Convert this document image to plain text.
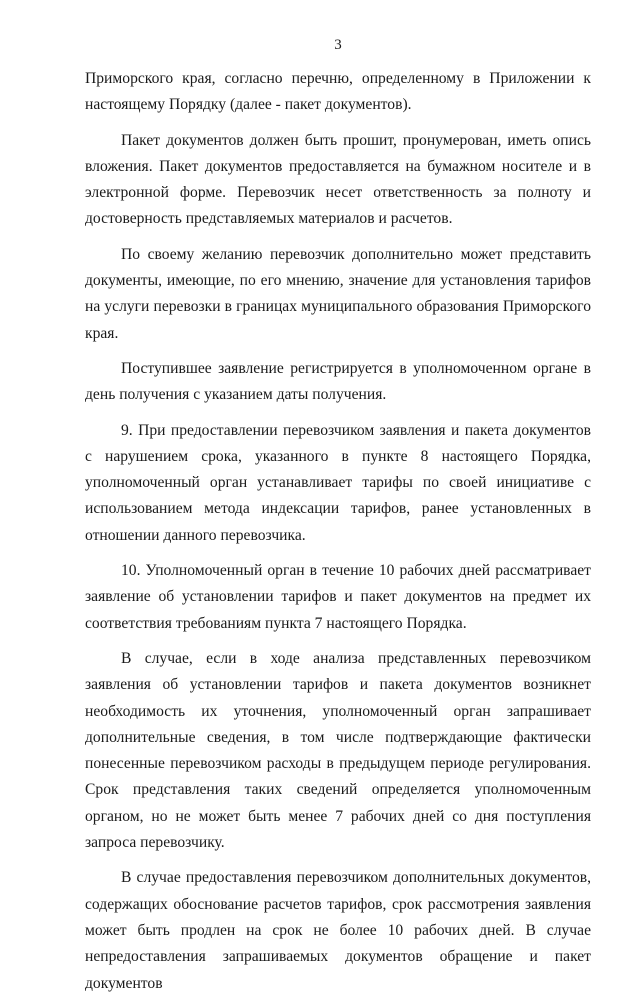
3

Приморского края, согласно перечню, определенному в Приложении к настоящему Порядку (далее - пакет документов).

Пакет документов должен быть прошит, пронумерован, иметь опись вложения. Пакет документов предоставляется на бумажном носителе и в электронной форме. Перевозчик несет ответственность за полноту и достоверность представляемых материалов и расчетов.

По своему желанию перевозчик дополнительно может представить документы, имеющие, по его мнению, значение для установления тарифов на услуги перевозки в границах муниципального образования Приморского края.

Поступившее заявление регистрируется в уполномоченном органе в день получения с указанием даты получения.

9. При предоставлении перевозчиком заявления и пакета документов с нарушением срока, указанного в пункте 8 настоящего Порядка, уполномоченный орган устанавливает тарифы по своей инициативе с использованием метода индексации тарифов, ранее установленных в отношении данного перевозчика.

10. Уполномоченный орган в течение 10 рабочих дней рассматривает заявление об установлении тарифов и пакет документов на предмет их соответствия требованиям пункта 7 настоящего Порядка.

В случае, если в ходе анализа представленных перевозчиком заявления об установлении тарифов и пакета документов возникнет необходимость их уточнения, уполномоченный орган запрашивает дополнительные сведения, в том числе подтверждающие фактически понесенные перевозчиком расходы в предыдущем периоде регулирования. Срок представления таких сведений определяется уполномоченным органом, но не может быть менее 7 рабочих дней со дня поступления запроса перевозчику.

В случае предоставления перевозчиком дополнительных документов, содержащих обоснование расчетов тарифов, срок рассмотрения заявления может быть продлен на срок не более 10 рабочих дней. В случае непредоставления запрашиваемых документов обращение и пакет документов
